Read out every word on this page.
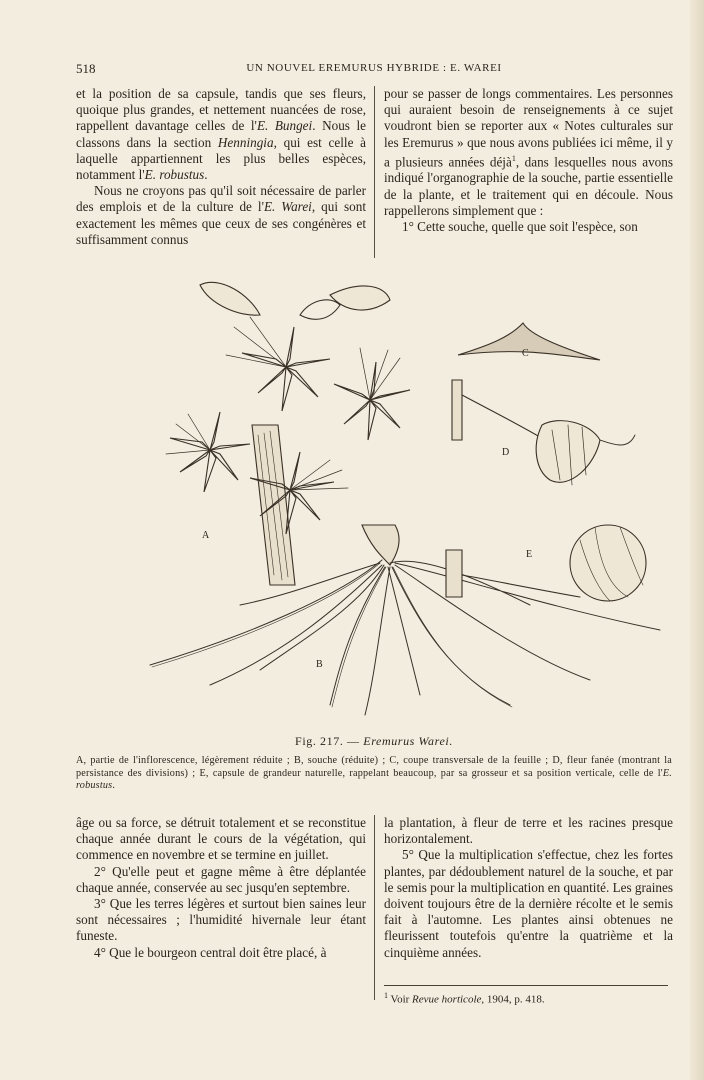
518	UN NOUVEL EREMURUS HYBRIDE : E. WAREI

et la position de sa capsule, tandis que ses fleurs, quoique plus grandes, et nettement nuancées de rose, rappellent davantage celles de l'E. Bungei. Nous le classons dans la section Henningia, qui est celle à laquelle appartiennent les plus belles espèces, notamment l'E. robustus.

Nous ne croyons pas qu'il soit nécessaire de parler des emplois et de la culture de l'E. Warei, qui sont exactement les mêmes que ceux de ses congénères et suffisamment connus

pour se passer de longs commentaires. Les personnes qui auraient besoin de renseignements à ce sujet voudront bien se reporter aux « Notes culturales sur les Eremurus » que nous avons publiées ici même, il y a plusieurs années déjà$^1$, dans lesquelles nous avons indiqué l'organographie de la souche, partie essentielle de la plante, et le traitement qui en découle. Nous rappellerons simplement que :

1° Cette souche, quelle que soit l'espèce, son

A
B
C
D
E
Fig. 217. — Eremurus Warei.
A, partie de l'inflorescence, légèrement réduite ; B, souche (réduite) ; C, coupe transversale de la feuille ; D, fleur fanée (montrant la persistance des divisions) ; E, capsule de grandeur naturelle, rappelant beaucoup, par sa grosseur et sa position verticale, celle de l'E. robustus.

âge ou sa force, se détruit totalement et se reconstitue chaque année durant le cours de la végétation, qui commence en novembre et se termine en juillet.

2° Qu'elle peut et gagne même à être déplantée chaque année, conservée au sec jusqu'en septembre.

3° Que les terres légères et surtout bien saines leur sont nécessaires ; l'humidité hivernale leur étant funeste.

4° Que le bourgeon central doit être placé, à

la plantation, à fleur de terre et les racines presque horizontalement.

5° Que la multiplication s'effectue, chez les fortes plantes, par dédoublement naturel de la souche, et par le semis pour la multiplication en quantité. Les graines doivent toujours être de la dernière récolte et le semis fait à l'automne. Les plantes ainsi obtenues ne fleurissent toutefois qu'entre la quatrième et la cinquième années.

$^1$ Voir Revue horticole, 1904, p. 418.
